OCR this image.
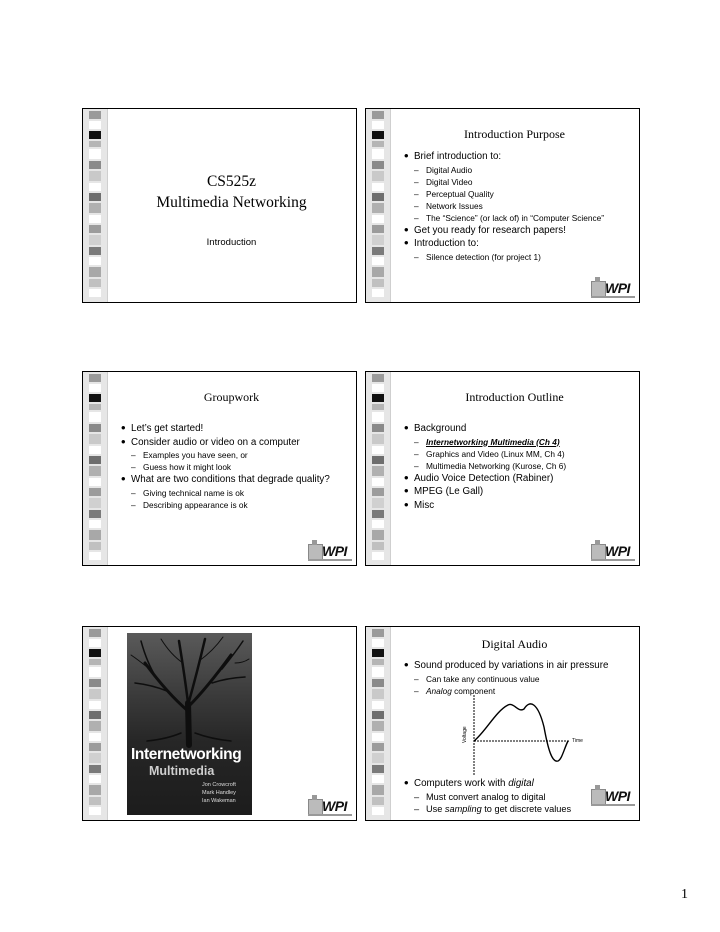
CS525z
Multimedia Networking
Introduction
Introduction Purpose
• Brief introduction to:
– Digital Audio
– Digital Video
– Perceptual Quality
– Network Issues
– The “Science” (or lack of) in “Computer Science”
• Get you ready for research papers!
• Introduction to:
– Silence detection (for project 1)
WPI
Groupwork
• Let’s get started!
• Consider audio or video on a computer
– Examples you have seen, or
– Guess how it might look
• What are two conditions that degrade quality?
– Giving technical name is ok
– Describing appearance is ok
WPI
Introduction Outline
• Background
– Internetworking Multimedia (Ch 4)
– Graphics and Video (Linux MM, Ch 4)
– Multimedia Networking (Kurose, Ch 6)
• Audio Voice Detection (Rabiner)
• MPEG (Le Gall)
• Misc
WPI
Internetworking
Multimedia
Jon Crowcroft
Mark Handley
Ian Wakeman	WPI
Digital Audio
• Sound produced by variations in air pressure
– Can take any continuous value
– Analog component
Voltage	Time
• Computers work with digital
– Must convert analog to digital
– Use sampling to get discrete values
WPI
1
